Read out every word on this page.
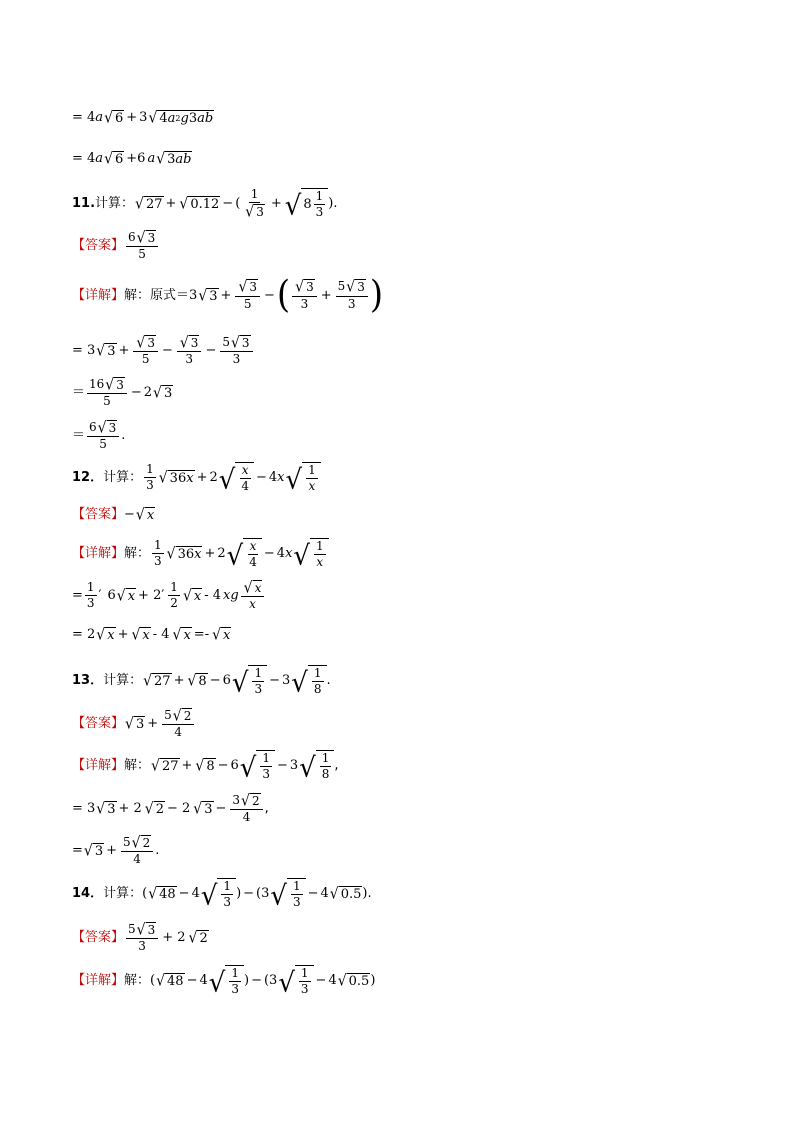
= 4 a √ 6 + 3 √ 4 a 2 g 3 ab
= 4 a √ 6 +6 a √ 3 ab
11. 计算： √ 27 + √ 0.12 − ( $\frac{1}{√ 3}$ + √ $8 \frac{1}{3}$ ) .
【答案】 $\frac{6 √ 3}{5}$
【详解】 解： 原式＝ 3 √ $3 + \frac{√ 3}{5}$ − ( $\frac{√ 3}{3} + \frac{5 √ 3}{3}$ )
= 3 √ $3 + \frac{√ 3}{5} - \frac{√ 3}{3} - \frac{5 √ 3}{3}$
＝ $\frac{16 √ 3}{5} - 2$ √ 3
＝ $\frac{6 √ 3}{5}$ .
12． 计算： $\frac{1}{3}$ √ 36 x + 2 √ $\frac{x}{4} - 4$ x √ $\frac{1}{x}$
【答案】 − √ x
【详解】 解： $\frac{1}{3}$ √ 36 x + 2 √ $\frac{x}{4} - 4$ x √ $\frac{1}{x}$
= $\frac{1}{3}$ ′ 6 √ $x + 2' \frac{1}{2}$ √ x - 4 x g $\frac{√ x}{x}$
= 2 √ x + √ x - 4 √ x =- √ x
13． 计算： √ 27 + √ 8 − 6 √ $\frac{1}{3} - 3$ √ $\frac{1}{8}$ .
【答案】 √ $3 + \frac{5 √ 2}{4}$
【详解】 解： √ 27 + √ 8 − 6 √ $\frac{1}{3} - 3$ √ $\frac{1}{8}$ ,
= 3 √ 3 + 2 √ 2 − 2 √ $3 - \frac{3 √ 2}{4}$ ,
= √ $3 + \frac{5 √ 2}{4}$ .
14． 计算： ( √ 48 − 4 √ $\frac{1}{3}$ ) − (3 √ $\frac{1}{3} - 4$ √ 0.5 ) .
【答案】 $\frac{5 √ 3}{3} + 2$ √ 2
【详解】 解： ( √ 48 − 4 √ $\frac{1}{3}$ ) − (3 √ $\frac{1}{3} - 4$ √ 0.5 )
